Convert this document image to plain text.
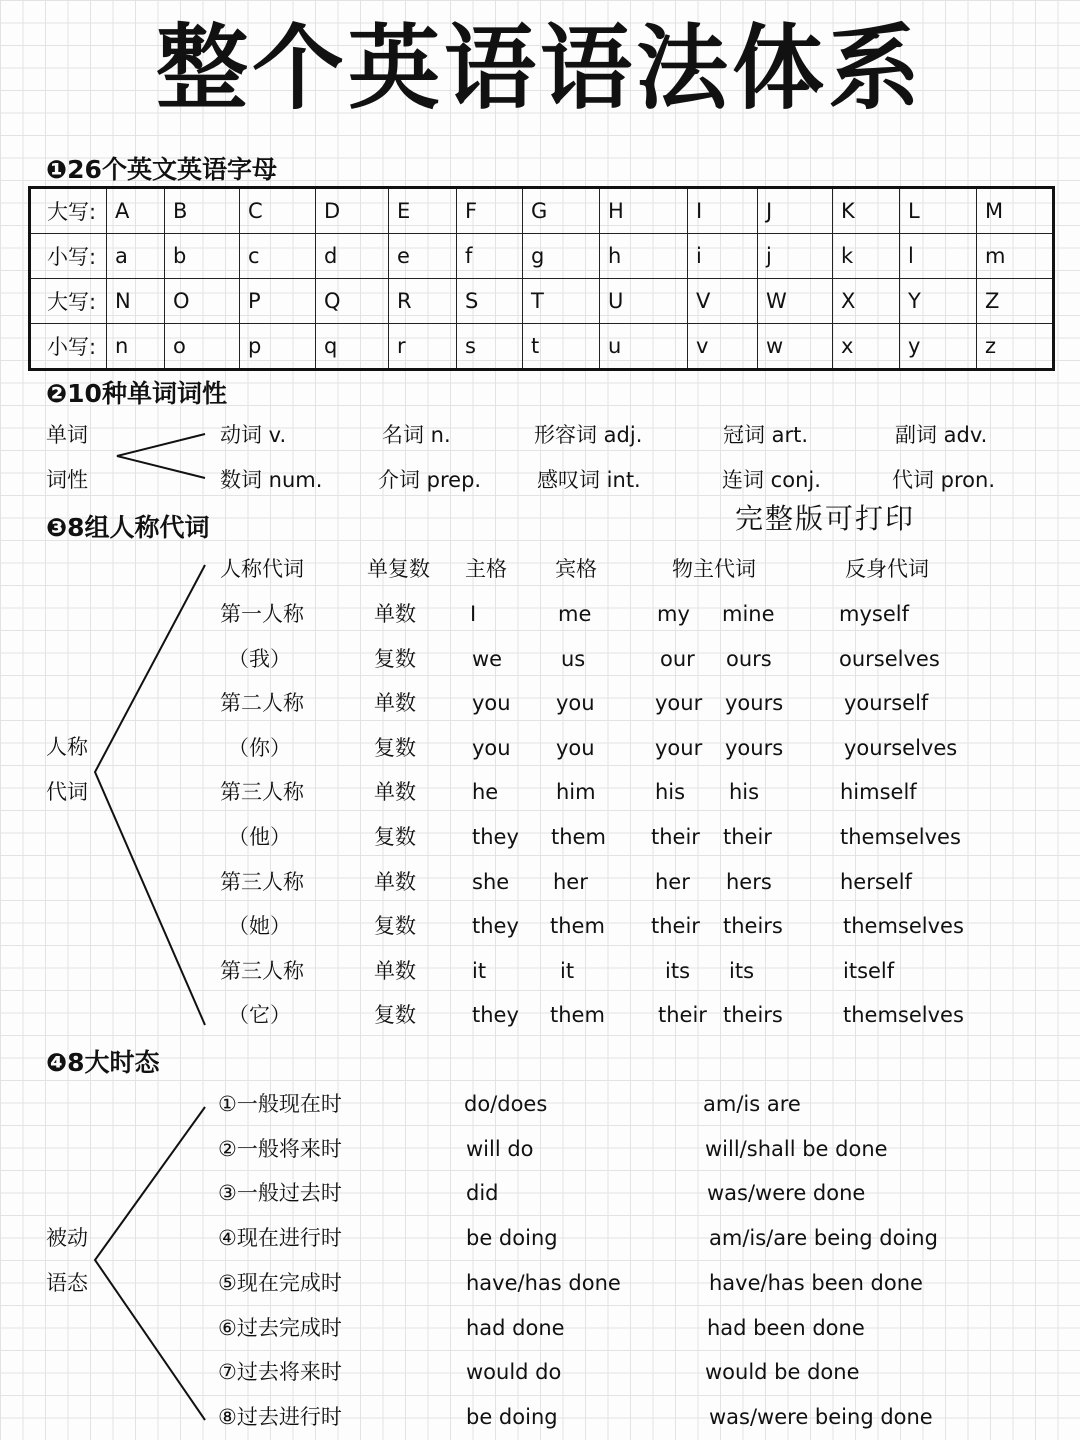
整个英语语法体系
❶26个英文英语字母
大写:	A	B	C	D	E	F	G	H	I	J	K	L	M
小写:	a	b	c	d	e	f	g	h	i	j	k	l	m
大写:	N	O	P	Q	R	S	T	U	V	W	X	Y	Z
小写:	n	o	p	q	r	s	t	u	v	w	x	y	z
❷10种单词词性
单词
词性
动词 v.	名词 n.	形容词 adj.	冠词 art.	副词 adv.
数词 num.	介词 prep.	感叹词 int.	连词 conj.	代词 pron.
❸8组人称代词	完整版可打印
人称
代词
人称代词	单复数 主格 宾格	物主代词	反身代词
第一人称	单数	I	me	my mine	myself
（我）	复数	we	us	our ours	ourselves
第二人称	单数	you you	your yours	yourself
（你）	复数	you you	your yours	yourselves
第三人称	单数	he	him	his his	himself
（他）	复数	they them their their	themselves
第三人称	单数	she her	her hers	herself
（她）	复数	they them their theirs	themselves
第三人称	单数	it	it	its its	itself
（它）	复数	they them	their theirs	themselves
❹8大时态
被动
语态
①一般现在时	do/does	am/is are
②一般将来时	will do	will/shall be done
③一般过去时	did	was/were done
④现在进行时	be doing	am/is/are being doing
⑤现在完成时	have/has done	have/has been done
⑥过去完成时	had done	had been done
⑦过去将来时	would do	would be done
⑧过去进行时	be doing	was/were being done
